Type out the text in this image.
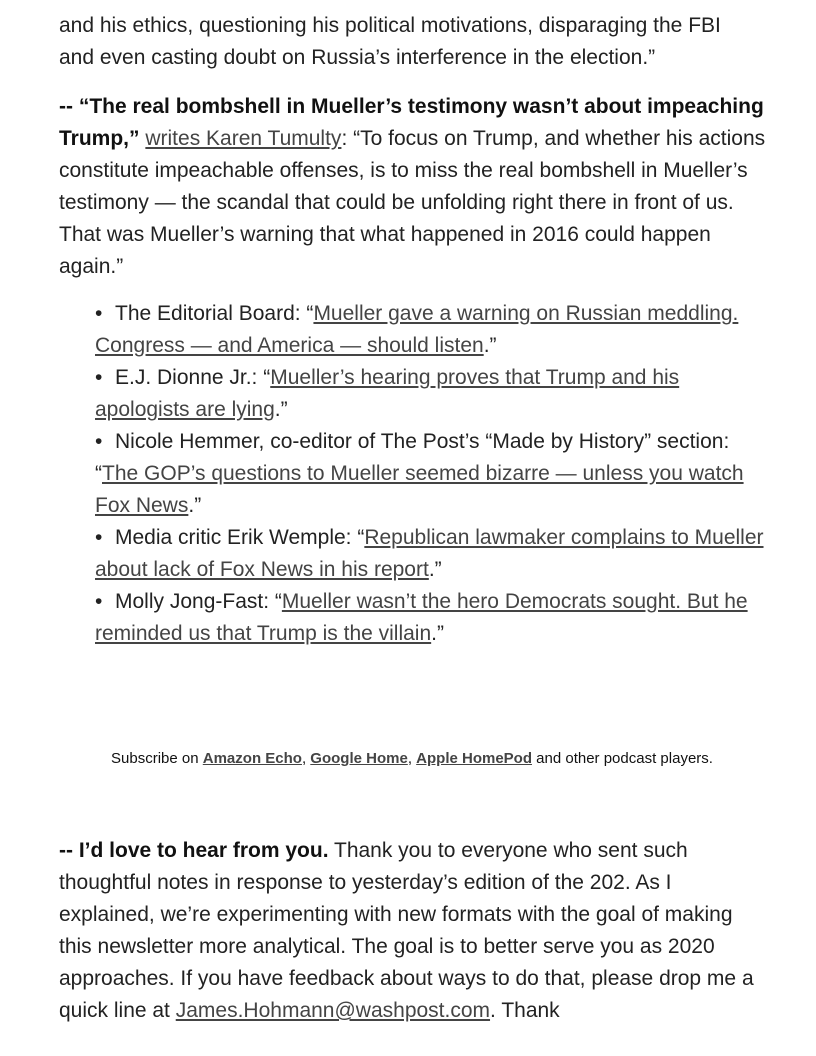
and his ethics, questioning his political motivations, disparaging the FBI
and even casting doubt on Russia’s interference in the election.”

-- “The real bombshell in Mueller’s testimony wasn’t about impeaching Trump,” writes Karen Tumulty: “To focus on Trump, and whether his actions constitute impeachable offenses, is to miss the real bombshell in Mueller’s testimony — the scandal that could be unfolding right there in front of us. That was Mueller’s warning that what happened in 2016 could happen again.”

• The Editorial Board: “Mueller gave a warning on Russian meddling. Congress — and America — should listen.”
• E.J. Dionne Jr.: “Mueller’s hearing proves that Trump and his apologists are lying.”
• Nicole Hemmer, co-editor of The Post’s “Made by History” section: “The GOP’s questions to Mueller seemed bizarre — unless you watch Fox News.”
• Media critic Erik Wemple: “Republican lawmaker complains to Mueller about lack of Fox News in his report.”
• Molly Jong-Fast: “Mueller wasn’t the hero Democrats sought. But he reminded us that Trump is the villain.”
Subscribe on Amazon Echo, Google Home, Apple HomePod and other podcast players.

-- I’d love to hear from you. Thank you to everyone who sent such thoughtful notes in response to yesterday’s edition of the 202. As I explained, we’re experimenting with new formats with the goal of making this newsletter more analytical. The goal is to better serve you as 2020 approaches. If you have feedback about ways to do that, please drop me a quick line at James.Hohmann@washpost.com. Thank
